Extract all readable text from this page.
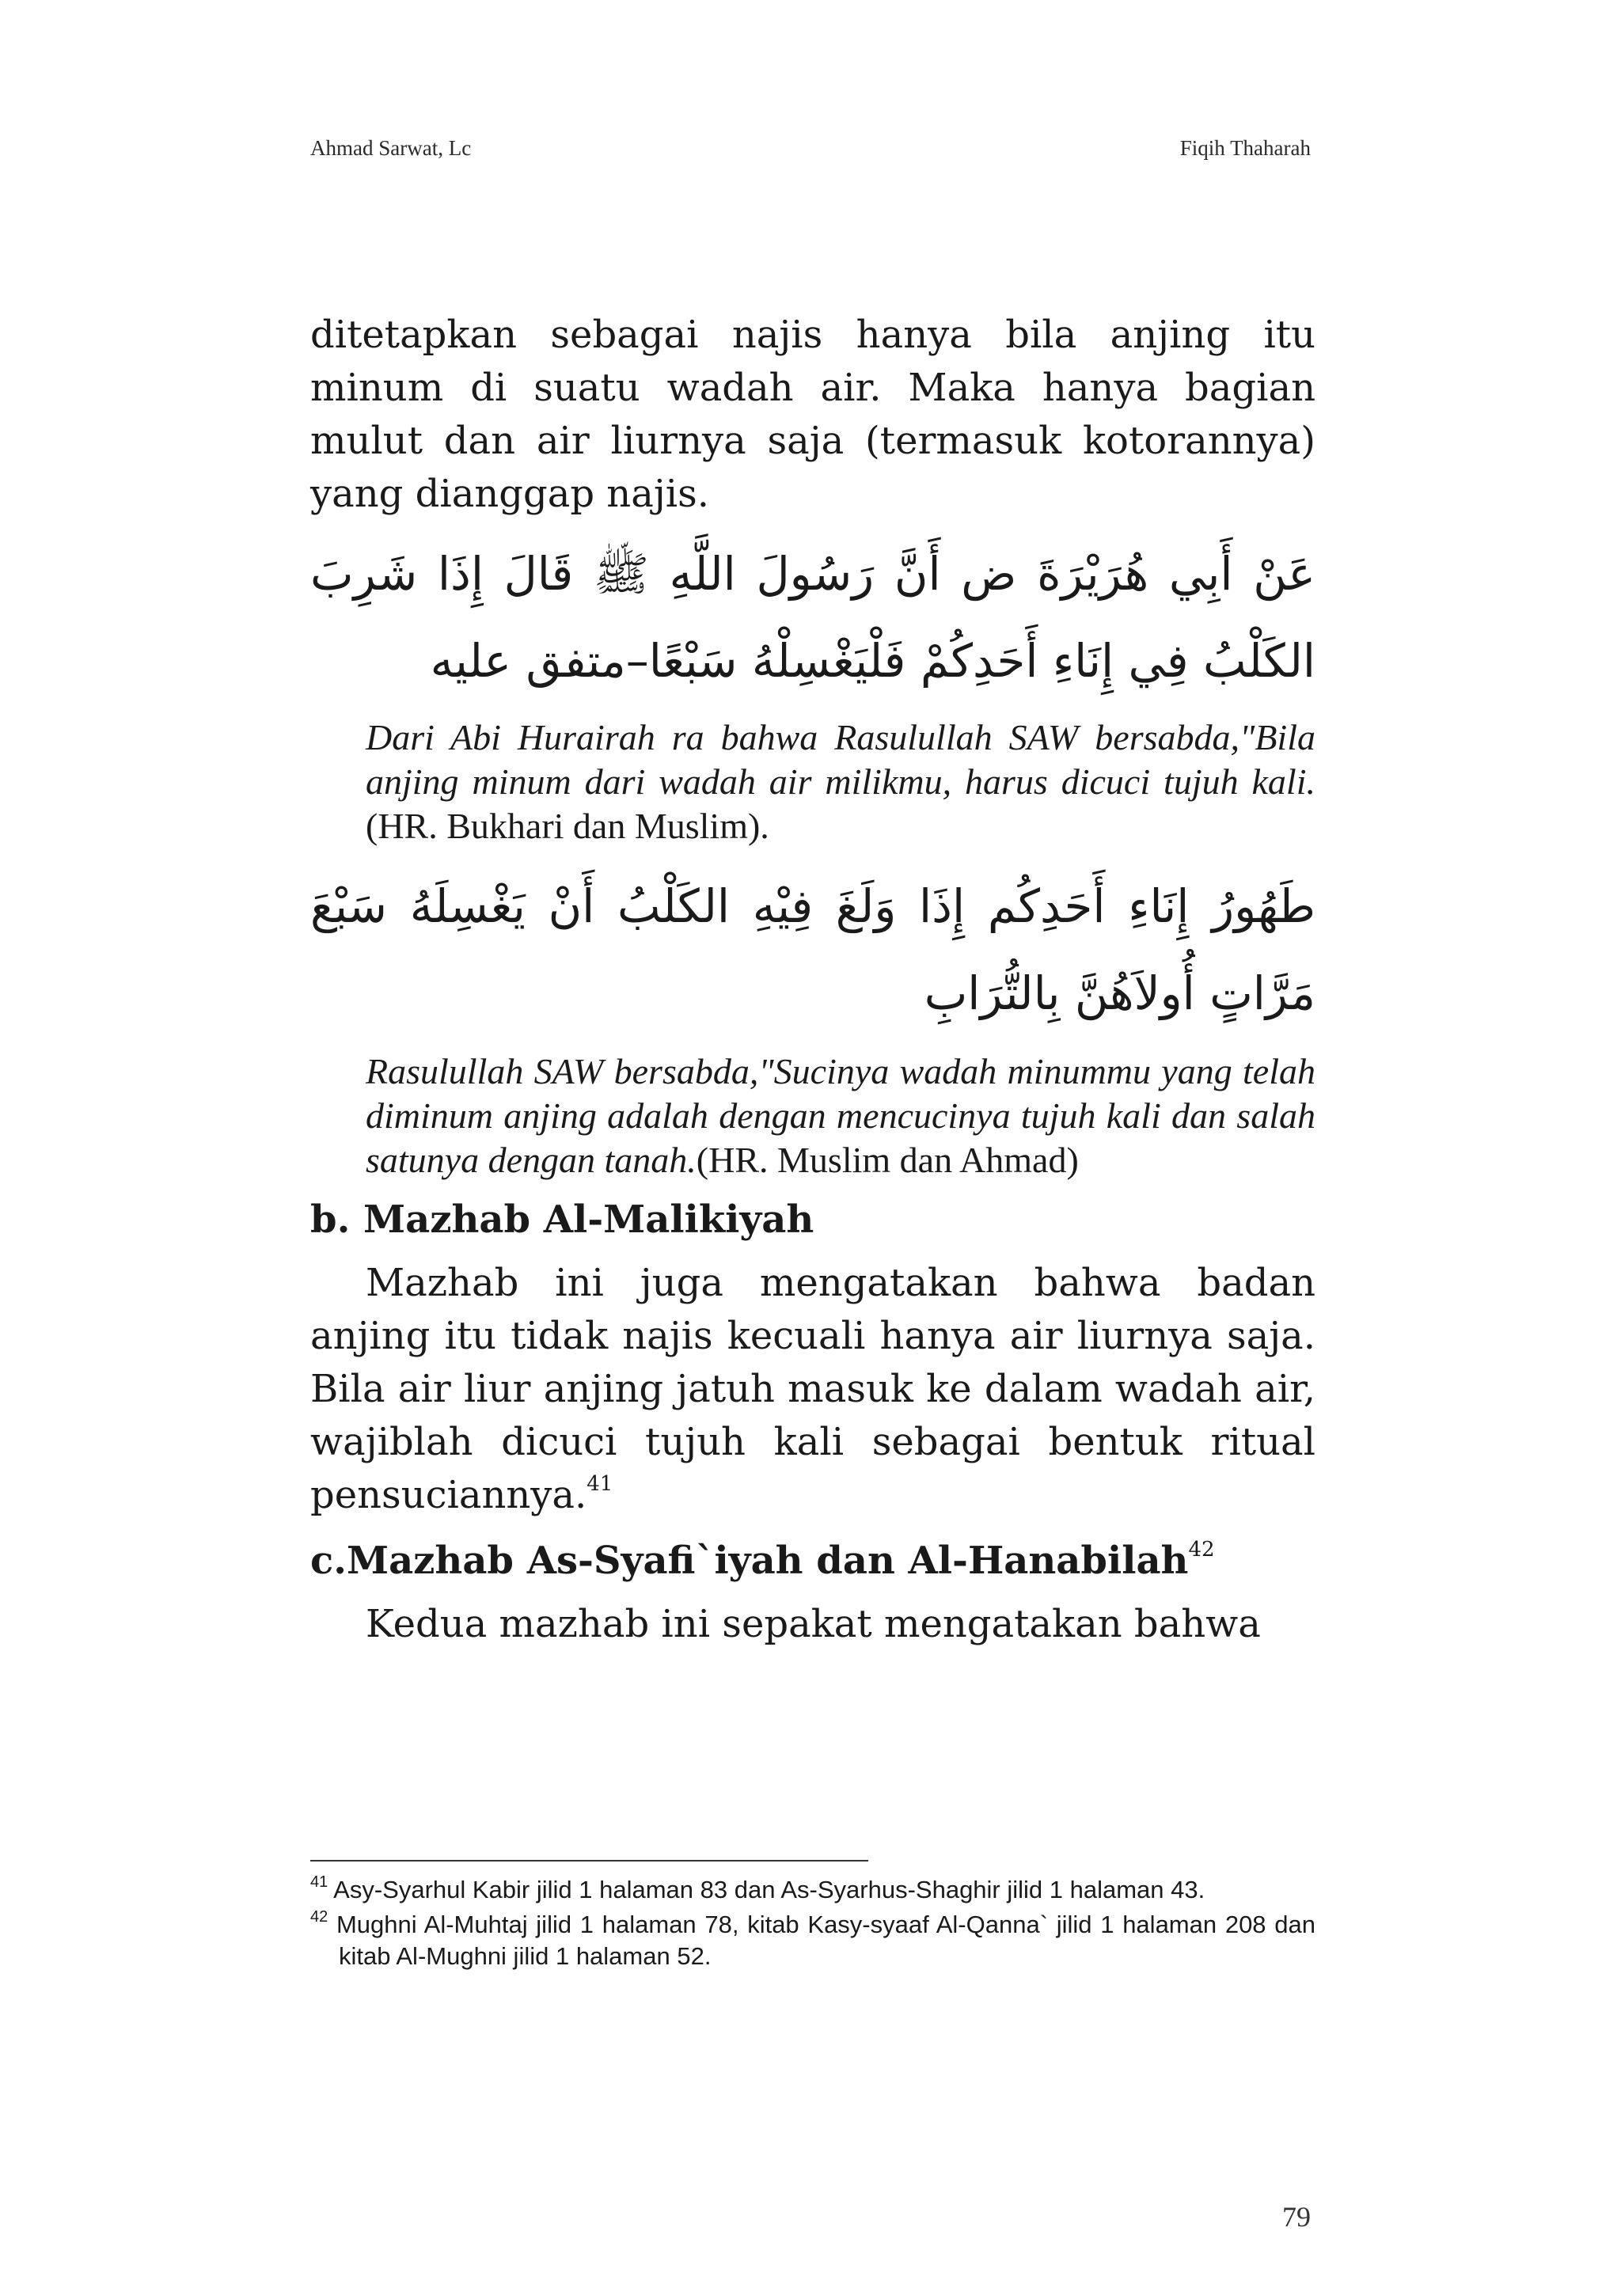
Ahmad Sarwat, Lc	Fiqih Thaharah

ditetapkan sebagai najis hanya bila anjing itu minum di suatu wadah air. Maka hanya bagian mulut dan air liurnya saja (termasuk kotorannya) yang dianggap najis.

عَنْ أَبِي هُرَيْرَةَ ض أَنَّ رَسُولَ اللَّهِ ﷺ قَالَ إِذَا شَرِبَ الكَلْبُ فِي إِنَاءِ أَحَدِكُمْ فَلْيَغْسِلْهُ سَبْعًا–متفق عليه

Dari Abi Hurairah ra bahwa Rasulullah SAW bersabda,"Bila anjing minum dari wadah air milikmu, harus dicuci tujuh kali.(HR. Bukhari dan Muslim).

طَهُورُ إِنَاءِ أَحَدِكُم إِذَا وَلَغَ فِيْهِ الكَلْبُ أَنْ يَغْسِلَهُ سَبْعَ مَرَّاتٍ أُولاَهُنَّ بِالتُّرَابِ

Rasulullah SAW bersabda,"Sucinya wadah minummu yang telah diminum anjing adalah dengan mencucinya tujuh kali dan salah satunya dengan tanah.(HR. Muslim dan Ahmad)

b. Mazhab Al-Malikiyah

Mazhab ini juga mengatakan bahwa badan anjing itu tidak najis kecuali hanya air liurnya saja. Bila air liur anjing jatuh masuk ke dalam wadah air, wajiblah dicuci tujuh kali sebagai bentuk ritual pensuciannya.$^{41}$

c.Mazhab As-Syafi`iyah dan Al-Hanabilah$^{42}$

Kedua mazhab ini sepakat mengatakan bahwa

$^{41}$ Asy-Syarhul Kabir jilid 1 halaman 83 dan As-Syarhus-Shaghir jilid 1 halaman 43.

$^{42}$ Mughni Al-Muhtaj jilid 1 halaman 78, kitab Kasy-syaaf Al-Qanna` jilid 1 halaman 208 dan kitab Al-Mughni jilid 1 halaman 52.

79
